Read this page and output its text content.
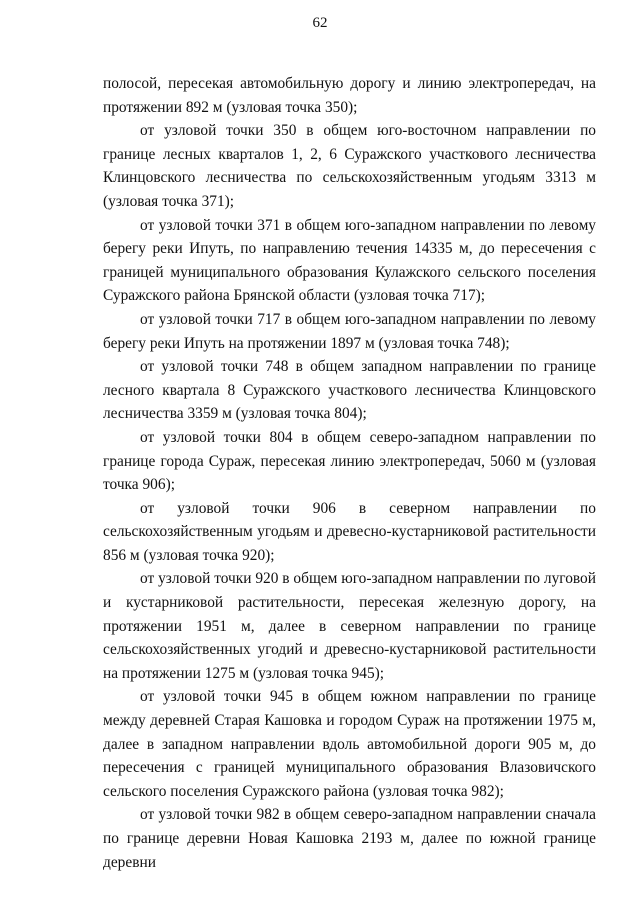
62

полосой, пересекая автомобильную дорогу и линию электропередач, на протяжении 892 м (узловая точка 350);

от узловой точки 350 в общем юго-восточном направлении по границе лесных кварталов 1, 2, 6 Суражского участкового лесничества Клинцовского лесничества по сельскохозяйственным угодьям 3313 м (узловая точка 371);

от узловой точки 371 в общем юго-западном направлении по левому берегу реки Ипуть, по направлению течения 14335 м, до пересечения с границей муниципального образования Кулажского сельского поселения Суражского района Брянской области (узловая точка 717);

от узловой точки 717 в общем юго-западном направлении по левому берегу реки Ипуть на протяжении 1897 м (узловая точка 748);

от узловой точки 748 в общем западном направлении по границе лесного квартала 8 Суражского участкового лесничества Клинцовского лесничества 3359 м (узловая точка 804);

от узловой точки 804 в общем северо-западном направлении по границе города Сураж, пересекая линию электропередач, 5060 м (узловая точка 906);

от узловой точки 906 в северном направлении по сельскохозяйственным угодьям и древесно-кустарниковой растительности 856 м (узловая точка 920);

от узловой точки 920 в общем юго-западном направлении по луговой и кустарниковой растительности, пересекая железную дорогу, на протяжении 1951 м, далее в северном направлении по границе сельскохозяйственных угодий и древесно-кустарниковой растительности на протяжении 1275 м (узловая точка 945);

от узловой точки 945 в общем южном направлении по границе между деревней Старая Кашовка и городом Сураж на протяжении 1975 м, далее в западном направлении вдоль автомобильной дороги 905 м, до пересечения с границей муниципального образования Влазовичского сельского поселения Суражского района (узловая точка 982);

от узловой точки 982 в общем северо-западном направлении сначала по границе деревни Новая Кашовка 2193 м, далее по южной границе деревни
